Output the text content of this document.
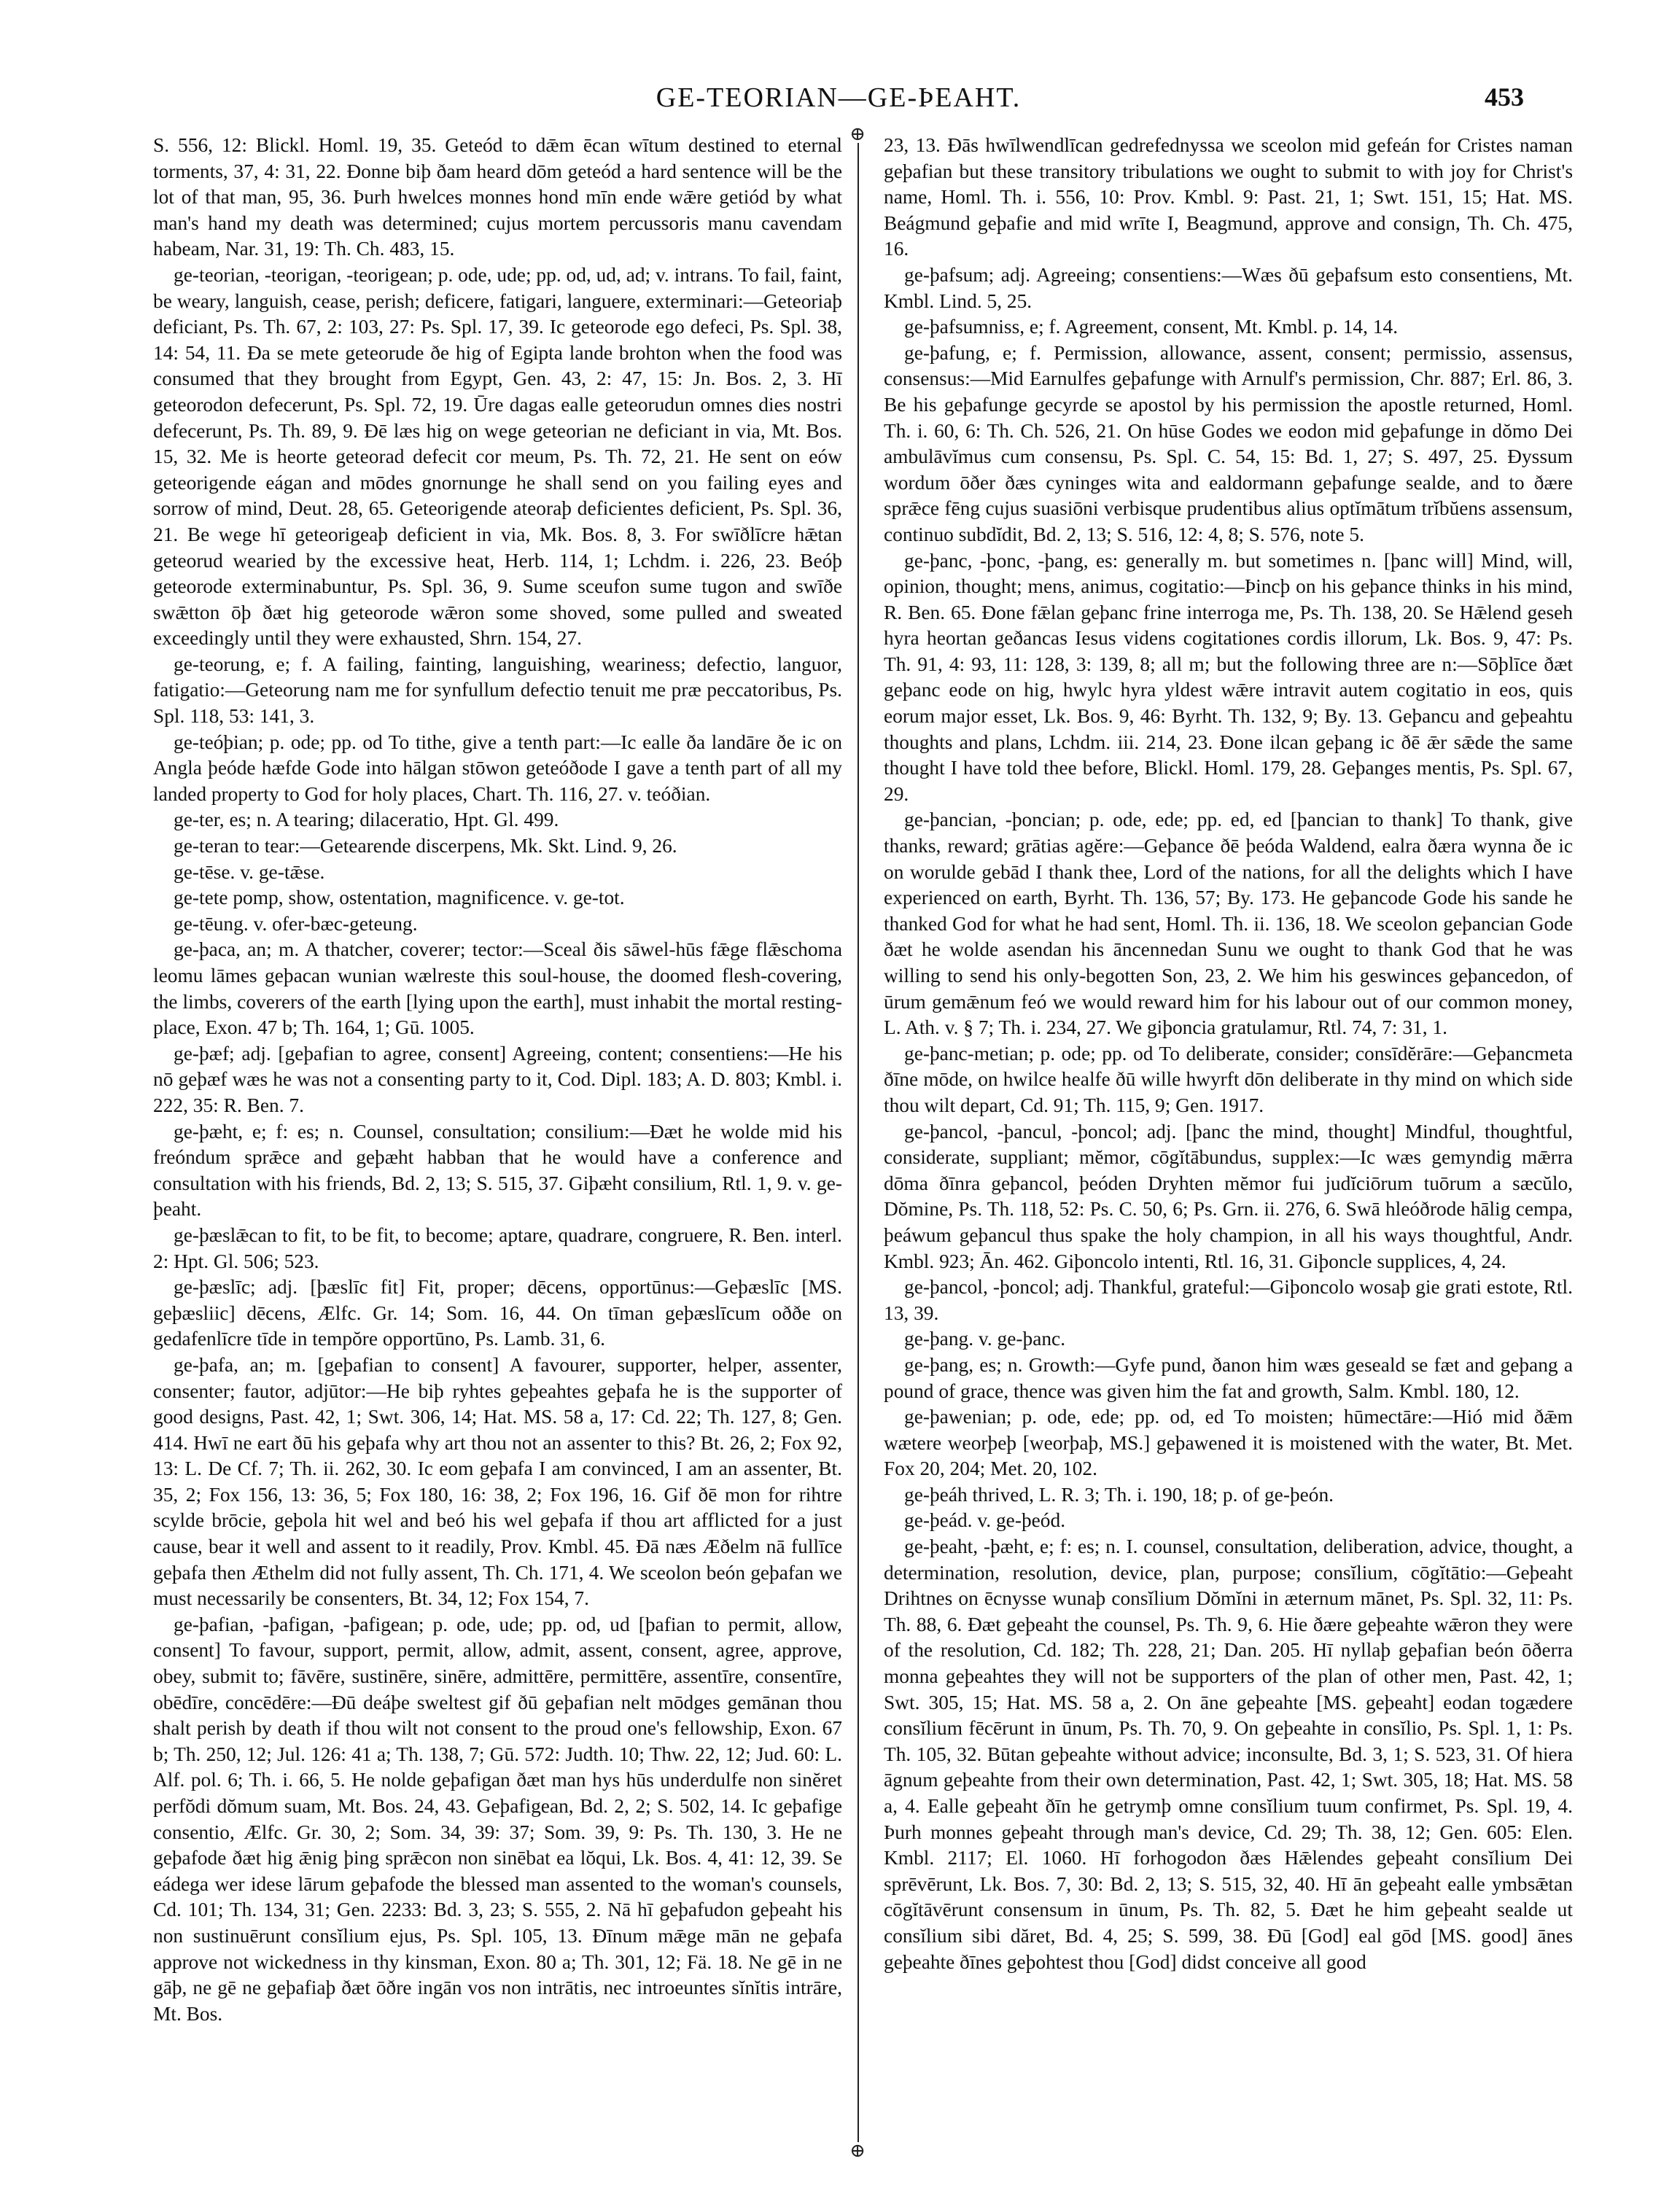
GE-TEORIAN—GE-ÞEAHT.	453
⊕
⊕

S. 556, 12: Blickl. Homl. 19, 35. Geteód to dǣm ēcan wītum destined to eternal torments, 37, 4: 31, 22. Ðonne biþ ðam heard dōm geteód a hard sentence will be the lot of that man, 95, 36. Þurh hwelces monnes hond mīn ende wǣre getiód by what man's hand my death was determined; cujus mortem percussoris manu cavendam habeam, Nar. 31, 19: Th. Ch. 483, 15.

ge-teorian, -teorigan, -teorigean; p. ode, ude; pp. od, ud, ad; v. intrans. To fail, faint, be weary, languish, cease, perish; deficere, fatigari, languere, exterminari:—Geteoriaþ deficiant, Ps. Th. 67, 2: 103, 27: Ps. Spl. 17, 39. Ic geteorode ego defeci, Ps. Spl. 38, 14: 54, 11. Ða se mete geteorude ðe hig of Egipta lande brohton when the food was consumed that they brought from Egypt, Gen. 43, 2: 47, 15: Jn. Bos. 2, 3. Hī geteorodon defecerunt, Ps. Spl. 72, 19. Ūre dagas ealle geteorudun omnes dies nostri defecerunt, Ps. Th. 89, 9. Ðē læs hig on wege geteorian ne deficiant in via, Mt. Bos. 15, 32. Me is heorte geteorad defecit cor meum, Ps. Th. 72, 21. He sent on eów geteorigende eágan and mōdes gnornunge he shall send on you failing eyes and sorrow of mind, Deut. 28, 65. Geteorigende ateoraþ deficientes deficient, Ps. Spl. 36, 21. Be wege hī geteorigeaþ deficient in via, Mk. Bos. 8, 3. For swīðlīcre hǣtan geteorud wearied by the excessive heat, Herb. 114, 1; Lchdm. i. 226, 23. Beóþ geteorode exterminabuntur, Ps. Spl. 36, 9. Sume sceufon sume tugon and swīðe swǣtton ōþ ðæt hig geteorode wǣron some shoved, some pulled and sweated exceedingly until they were exhausted, Shrn. 154, 27.

ge-teorung, e; f. A failing, fainting, languishing, weariness; defectio, languor, fatigatio:—Geteorung nam me for synfullum defectio tenuit me præ peccatoribus, Ps. Spl. 118, 53: 141, 3.

ge-teóþian; p. ode; pp. od To tithe, give a tenth part:—Ic ealle ða landāre ðe ic on Angla þeóde hæfde Gode into hālgan stōwon geteóðode I gave a tenth part of all my landed property to God for holy places, Chart. Th. 116, 27. v. teóðian.

ge-ter, es; n. A tearing; dilaceratio, Hpt. Gl. 499.

ge-teran to tear:—Getearende discerpens, Mk. Skt. Lind. 9, 26.

ge-tēse. v. ge-tǣse.

ge-tete pomp, show, ostentation, magnificence. v. ge-tot.

ge-tēung. v. ofer-bæc-geteung.

ge-þaca, an; m. A thatcher, coverer; tector:—Sceal ðis sāwel-hūs fǣge flǣschoma leomu lāmes geþacan wunian wælreste this soul-house, the doomed flesh-covering, the limbs, coverers of the earth [lying upon the earth], must inhabit the mortal resting-place, Exon. 47 b; Th. 164, 1; Gū. 1005.

ge-þæf; adj. [geþafian to agree, consent] Agreeing, content; consentiens:—He his nō geþæf wæs he was not a consenting party to it, Cod. Dipl. 183; A. D. 803; Kmbl. i. 222, 35: R. Ben. 7.

ge-þæht, e; f: es; n. Counsel, consultation; consilium:—Ðæt he wolde mid his freóndum sprǣce and geþæht habban that he would have a conference and consultation with his friends, Bd. 2, 13; S. 515, 37. Giþæht consilium, Rtl. 1, 9. v. ge-þeaht.

ge-þæslǣcan to fit, to be fit, to become; aptare, quadrare, congruere, R. Ben. interl. 2: Hpt. Gl. 506; 523.

ge-þæslīc; adj. [þæslīc fit] Fit, proper; dēcens, opportūnus:—Geþæslīc [MS. geþæsliic] dēcens, Ælfc. Gr. 14; Som. 16, 44. On tīman geþæslīcum oððe on gedafenlīcre tīde in tempŏre opportūno, Ps. Lamb. 31, 6.

ge-þafa, an; m. [geþafian to consent] A favourer, supporter, helper, assenter, consenter; fautor, adjūtor:—He biþ ryhtes geþeahtes geþafa he is the supporter of good designs, Past. 42, 1; Swt. 306, 14; Hat. MS. 58 a, 17: Cd. 22; Th. 127, 8; Gen. 414. Hwī ne eart ðū his geþafa why art thou not an assenter to this? Bt. 26, 2; Fox 92, 13: L. De Cf. 7; Th. ii. 262, 30. Ic eom geþafa I am convinced, I am an assenter, Bt. 35, 2; Fox 156, 13: 36, 5; Fox 180, 16: 38, 2; Fox 196, 16. Gif ðē mon for rihtre scylde brōcie, geþola hit wel and beó his wel geþafa if thou art afflicted for a just cause, bear it well and assent to it readily, Prov. Kmbl. 45. Ðā næs Æðelm nā fullīce geþafa then Æthelm did not fully assent, Th. Ch. 171, 4. We sceolon beón geþafan we must necessarily be consenters, Bt. 34, 12; Fox 154, 7.

ge-þafian, -þafigan, -þafigean; p. ode, ude; pp. od, ud [þafian to permit, allow, consent] To favour, support, permit, allow, admit, assent, consent, agree, approve, obey, submit to; fāvēre, sustinēre, sinēre, admittēre, permittēre, assentīre, consentīre, obēdīre, concēdēre:—Ðū deáþe sweltest gif ðū geþafian nelt mōdges gemānan thou shalt perish by death if thou wilt not consent to the proud one's fellowship, Exon. 67 b; Th. 250, 12; Jul. 126: 41 a; Th. 138, 7; Gū. 572: Judth. 10; Thw. 22, 12; Jud. 60: L. Alf. pol. 6; Th. i. 66, 5. He nolde geþafigan ðæt man hys hūs underdulfe non sinĕret perfŏdi dŏmum suam, Mt. Bos. 24, 43. Geþafigean, Bd. 2, 2; S. 502, 14. Ic geþafige consentio, Ælfc. Gr. 30, 2; Som. 34, 39: 37; Som. 39, 9: Ps. Th. 130, 3. He ne geþafode ðæt hig ǣnig þing sprǣcon non sinēbat ea lŏqui, Lk. Bos. 4, 41: 12, 39. Se eádega wer idese lārum geþafode the blessed man assented to the woman's counsels, Cd. 101; Th. 134, 31; Gen. 2233: Bd. 3, 23; S. 555, 2. Nā hī geþafudon geþeaht his non sustinuērunt consĭlium ejus, Ps. Spl. 105, 13. Ðīnum mǣge mān ne geþafa approve not wickedness in thy kinsman, Exon. 80 a; Th. 301, 12; Fä. 18. Ne gē in ne gāþ, ne gē ne geþafiaþ ðæt ōðre ingān vos non intrātis, nec introeuntes sĭnĭtis intrāre, Mt. Bos.

23, 13. Ðās hwīlwendlīcan gedrefednyssa we sceolon mid gefeán for Cristes naman geþafian but these transitory tribulations we ought to submit to with joy for Christ's name, Homl. Th. i. 556, 10: Prov. Kmbl. 9: Past. 21, 1; Swt. 151, 15; Hat. MS. Beágmund geþafie and mid wrīte I, Beagmund, approve and consign, Th. Ch. 475, 16.

ge-þafsum; adj. Agreeing; consentiens:—Wæs ðū geþafsum esto consentiens, Mt. Kmbl. Lind. 5, 25.

ge-þafsumniss, e; f. Agreement, consent, Mt. Kmbl. p. 14, 14.

ge-þafung, e; f. Permission, allowance, assent, consent; permissio, assensus, consensus:—Mid Earnulfes geþafunge with Arnulf's permission, Chr. 887; Erl. 86, 3. Be his geþafunge gecyrde se apostol by his permission the apostle returned, Homl. Th. i. 60, 6: Th. Ch. 526, 21. On hūse Godes we eodon mid geþafunge in dŏmo Dei ambulāvĭmus cum consensu, Ps. Spl. C. 54, 15: Bd. 1, 27; S. 497, 25. Ðyssum wordum ōðer ðæs cyninges wita and ealdormann geþafunge sealde, and to ðære sprǣce fēng cujus suasiōni verbisque prudentibus alius optĭmātum trĭbŭens assensum, continuo subdĭdit, Bd. 2, 13; S. 516, 12: 4, 8; S. 576, note 5.

ge-þanc, -þonc, -þang, es: generally m. but sometimes n. [þanc will] Mind, will, opinion, thought; mens, animus, cogitatio:—Þincþ on his geþance thinks in his mind, R. Ben. 65. Ðone fǣlan geþanc frine interroga me, Ps. Th. 138, 20. Se Hǣlend geseh hyra heortan geðancas Iesus videns cogitationes cordis illorum, Lk. Bos. 9, 47: Ps. Th. 91, 4: 93, 11: 128, 3: 139, 8; all m; but the following three are n:—Sōþlīce ðæt geþanc eode on hig, hwylc hyra yldest wǣre intravit autem cogitatio in eos, quis eorum major esset, Lk. Bos. 9, 46: Byrht. Th. 132, 9; By. 13. Geþancu and geþeahtu thoughts and plans, Lchdm. iii. 214, 23. Ðone ilcan geþang ic ðē ǣr sǣde the same thought I have told thee before, Blickl. Homl. 179, 28. Geþanges mentis, Ps. Spl. 67, 29.

ge-þancian, -þoncian; p. ode, ede; pp. ed, ed [þancian to thank] To thank, give thanks, reward; grātias agĕre:—Geþance ðē þeóda Waldend, ealra ðæra wynna ðe ic on worulde gebād I thank thee, Lord of the nations, for all the delights which I have experienced on earth, Byrht. Th. 136, 57; By. 173. He geþancode Gode his sande he thanked God for what he had sent, Homl. Th. ii. 136, 18. We sceolon geþancian Gode ðæt he wolde asendan his āncennedan Sunu we ought to thank God that he was willing to send his only-begotten Son, 23, 2. We him his geswinces geþancedon, of ūrum gemǣnum feó we would reward him for his labour out of our common money, L. Ath. v. § 7; Th. i. 234, 27. We giþoncia gratulamur, Rtl. 74, 7: 31, 1.

ge-þanc-metian; p. ode; pp. od To deliberate, consider; consīdĕrāre:—Geþancmeta ðīne mōde, on hwilce healfe ðū wille hwyrft dōn deliberate in thy mind on which side thou wilt depart, Cd. 91; Th. 115, 9; Gen. 1917.

ge-þancol, -þancul, -þoncol; adj. [þanc the mind, thought] Mindful, thoughtful, considerate, suppliant; mĕmor, cōgĭtābundus, supplex:—Ic wæs gemyndig mǣrra dōma ðīnra geþancol, þeóden Dryhten mĕmor fui judĭciōrum tuōrum a sæcŭlo, Dŏmine, Ps. Th. 118, 52: Ps. C. 50, 6; Ps. Grn. ii. 276, 6. Swā hleóðrode hālig cempa, þeáwum geþancul thus spake the holy champion, in all his ways thoughtful, Andr. Kmbl. 923; Ān. 462. Giþoncolo intenti, Rtl. 16, 31. Giþoncle supplices, 4, 24.

ge-þancol, -þoncol; adj. Thankful, grateful:—Giþoncolo wosaþ gie grati estote, Rtl. 13, 39.

ge-þang. v. ge-þanc.

ge-þang, es; n. Growth:—Gyfe pund, ðanon him wæs geseald se fæt and geþang a pound of grace, thence was given him the fat and growth, Salm. Kmbl. 180, 12.

ge-þawenian; p. ode, ede; pp. od, ed To moisten; hūmectāre:—Hió mid ðǣm wætere weorþeþ [weorþaþ, MS.] geþawened it is moistened with the water, Bt. Met. Fox 20, 204; Met. 20, 102.

ge-þeáh thrived, L. R. 3; Th. i. 190, 18; p. of ge-þeón.

ge-þeád. v. ge-þeód.

ge-þeaht, -þæht, e; f: es; n. I. counsel, consultation, deliberation, advice, thought, a determination, resolution, device, plan, purpose; consĭlium, cōgĭtātio:—Geþeaht Drihtnes on ēcnysse wunaþ consĭlium Dŏmĭni in æternum mānet, Ps. Spl. 32, 11: Ps. Th. 88, 6. Ðæt geþeaht the counsel, Ps. Th. 9, 6. Hie ðære geþeahte wǣron they were of the resolution, Cd. 182; Th. 228, 21; Dan. 205. Hī nyllaþ geþafian beón ōðerra monna geþeahtes they will not be supporters of the plan of other men, Past. 42, 1; Swt. 305, 15; Hat. MS. 58 a, 2. On āne geþeahte [MS. geþeaht] eodan togædere consĭlium fēcērunt in ūnum, Ps. Th. 70, 9. On geþeahte in consĭlio, Ps. Spl. 1, 1: Ps. Th. 105, 32. Būtan geþeahte without advice; inconsulte, Bd. 3, 1; S. 523, 31. Of hiera āgnum geþeahte from their own determination, Past. 42, 1; Swt. 305, 18; Hat. MS. 58 a, 4. Ealle geþeaht ðīn he getrymþ omne consĭlium tuum confirmet, Ps. Spl. 19, 4. Þurh monnes geþeaht through man's device, Cd. 29; Th. 38, 12; Gen. 605: Elen. Kmbl. 2117; El. 1060. Hī forhogodon ðæs Hǣlendes geþeaht consĭlium Dei sprēvērunt, Lk. Bos. 7, 30: Bd. 2, 13; S. 515, 32, 40. Hī ān geþeaht ealle ymbsǣtan cōgĭtāvērunt consensum in ūnum, Ps. Th. 82, 5. Ðæt he him geþeaht sealde ut consĭlium sibi dăret, Bd. 4, 25; S. 599, 38. Ðū [God] eal gōd [MS. good] ānes geþeahte ðīnes geþohtest thou [God] didst conceive all good
